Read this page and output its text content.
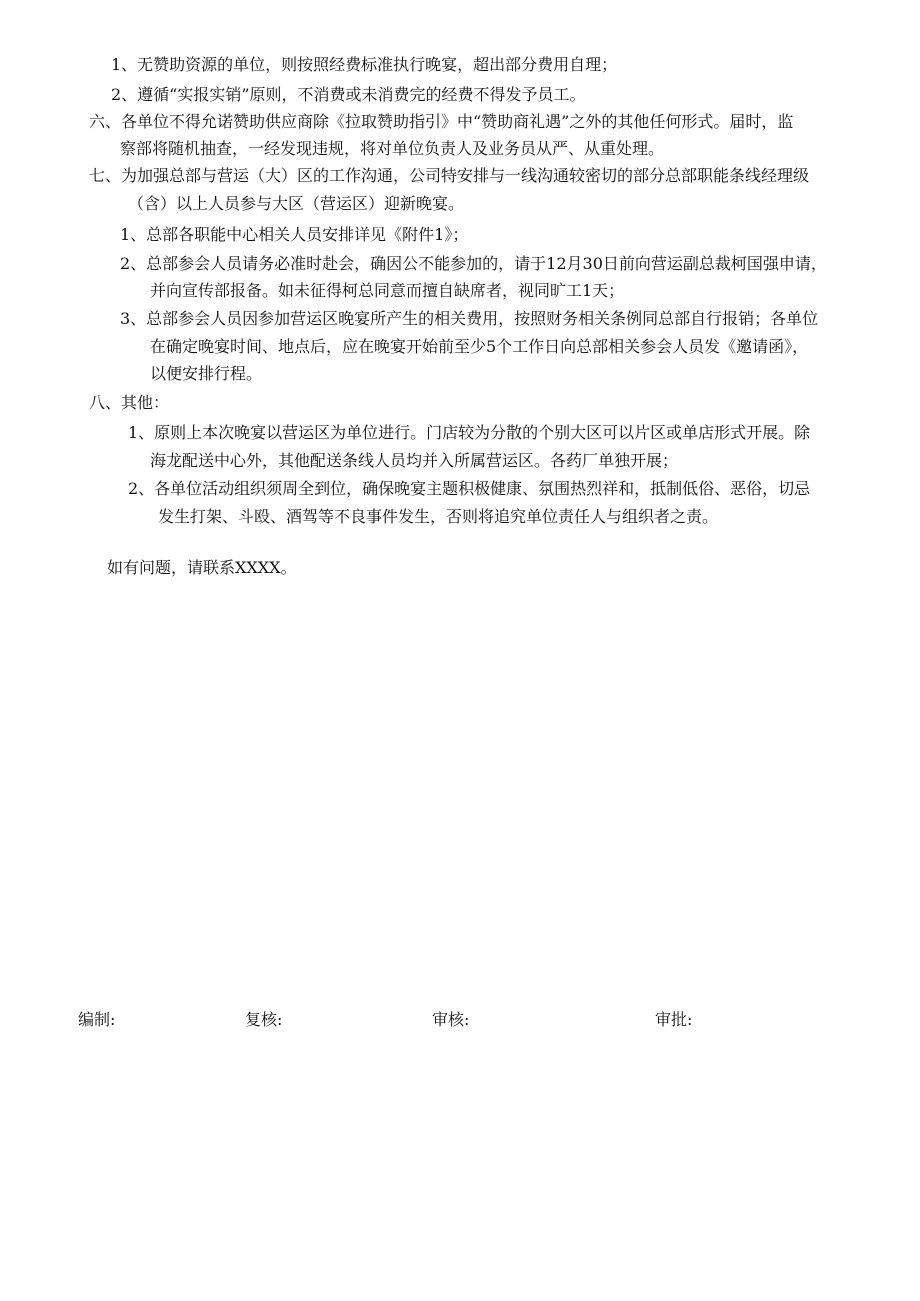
1、无赞助资源的单位，则按照经费标准执行晚宴，超出部分费用自理；
2、遵循“实报实销”原则，不消费或未消费完的经费不得发予员工。
六、各单位不得允诺赞助供应商除《拉取赞助指引》中“赞助商礼遇”之外的其他任何形式。届时，监
察部将随机抽查，一经发现违规，将对单位负责人及业务员从严、从重处理。
七、为加强总部与营运（大）区的工作沟通，公司特安排与一线沟通较密切的部分总部职能条线经理级
（含）以上人员参与大区（营运区）迎新晚宴。
1、总部各职能中心相关人员安排详见《附件1》；
2、总部参会人员请务必准时赴会，确因公不能参加的，请于12月30日前向营运副总裁柯国强申请，
并向宣传部报备。如未征得柯总同意而擅自缺席者，视同旷工1天；
3、总部参会人员因参加营运区晚宴所产生的相关费用，按照财务相关条例同总部自行报销；各单位
在确定晚宴时间、地点后，应在晚宴开始前至少5个工作日向总部相关参会人员发《邀请函》，
以便安排行程。
八、其他：
1、原则上本次晚宴以营运区为单位进行。门店较为分散的个别大区可以片区或单店形式开展。除
海龙配送中心外，其他配送条线人员均并入所属营运区。各药厂单独开展；
2、各单位活动组织须周全到位，确保晚宴主题积极健康、氛围热烈祥和，抵制低俗、恶俗，切忌
发生打架、斗殴、酒驾等不良事件发生，否则将追究单位责任人与组织者之责。
如有问题，请联系XXXX。
编制:	复核:	审核:	审批:
